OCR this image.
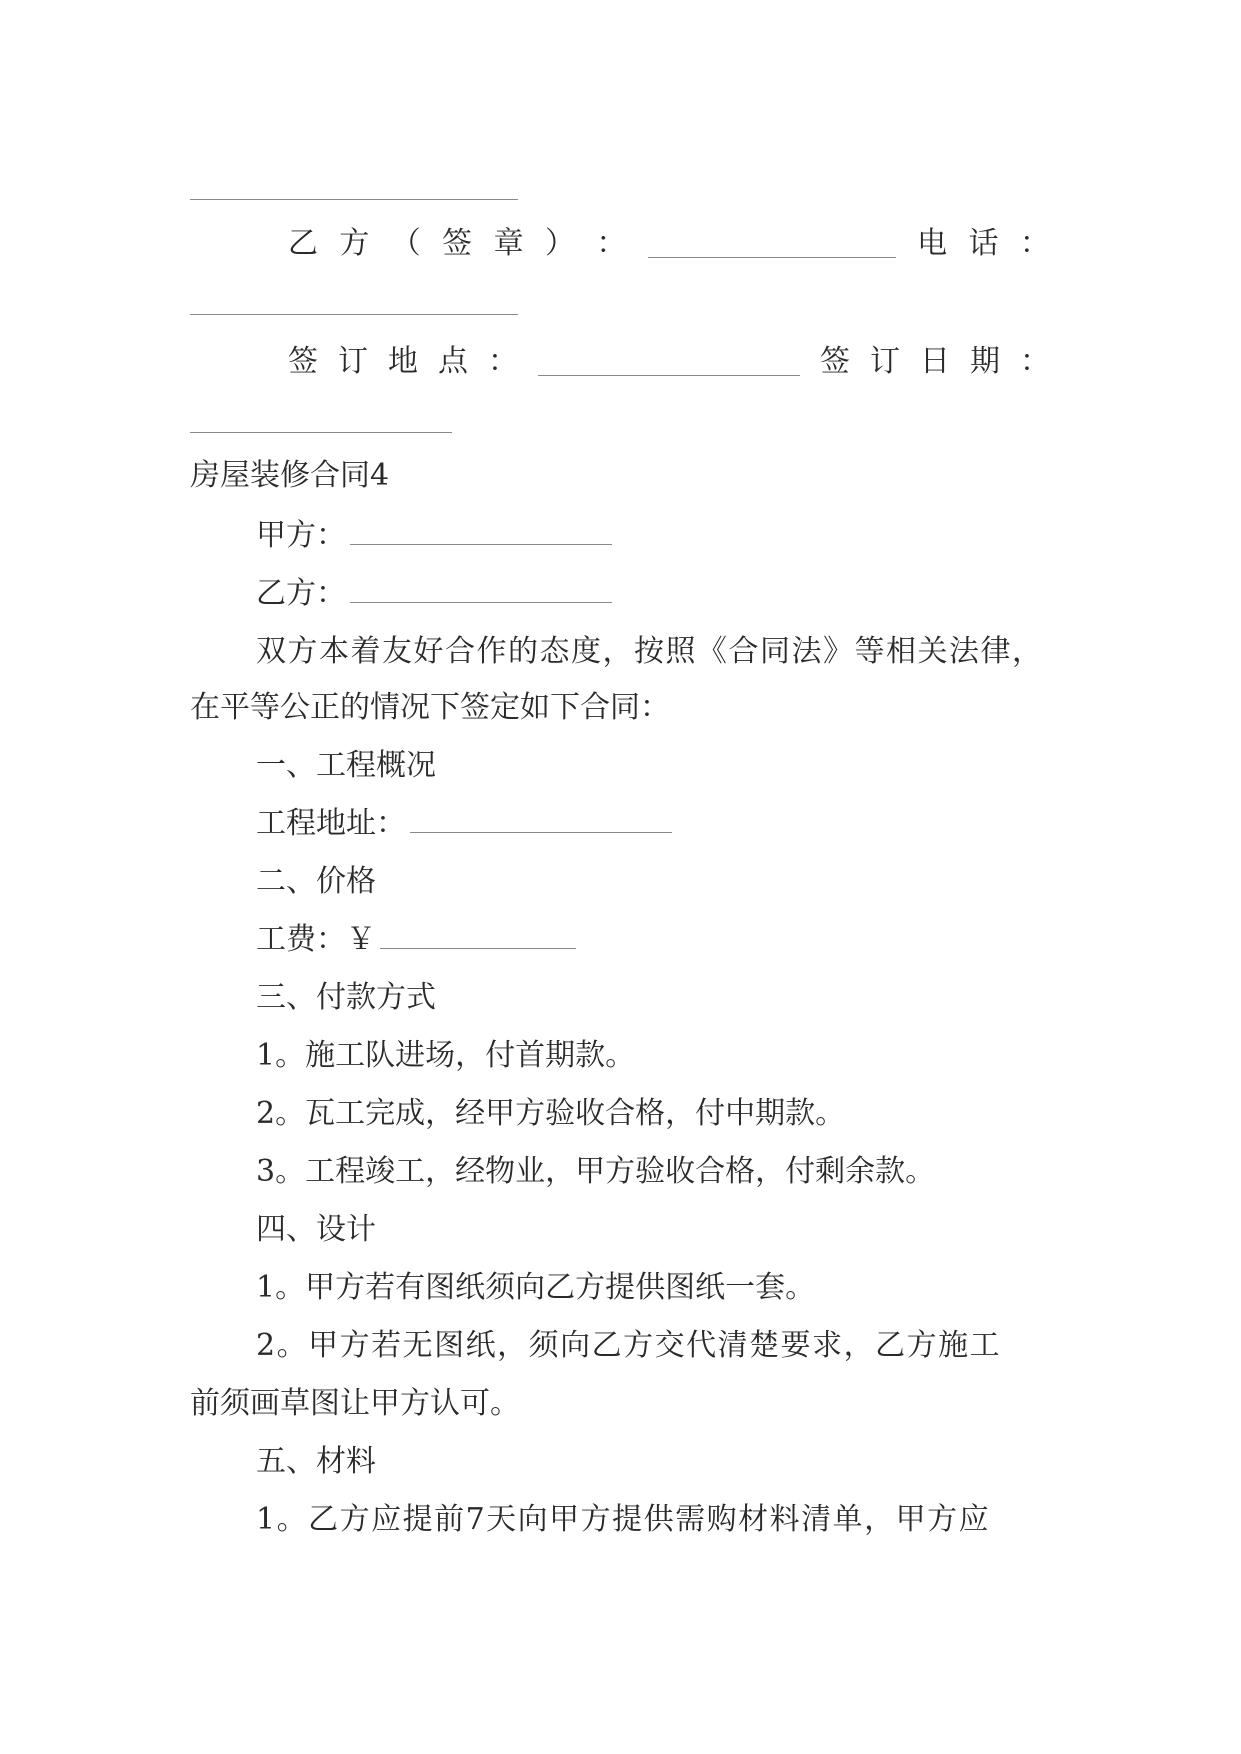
乙 方 （ 签 章 ） ：	电 话 ：
签 订 地 点 ：	签 订 日 期 ：
房屋装修合同4
甲方：
乙方：
双方本着友好合作的态度，按照《合同法》等相关法律，
在平等公正的情况下签定如下合同：
一、工程概况
工程地址：
二、价格
工费：￥
三、付款方式
1。施工队进场，付首期款。
2。瓦工完成，经甲方验收合格，付中期款。
3。工程竣工，经物业，甲方验收合格，付剩余款。
四、设计
1。甲方若有图纸须向乙方提供图纸一套。
2。甲方若无图纸，须向乙方交代清楚要求，乙方施工
前须画草图让甲方认可。
五、材料
1。乙方应提前7天向甲方提供需购材料清单，甲方应
